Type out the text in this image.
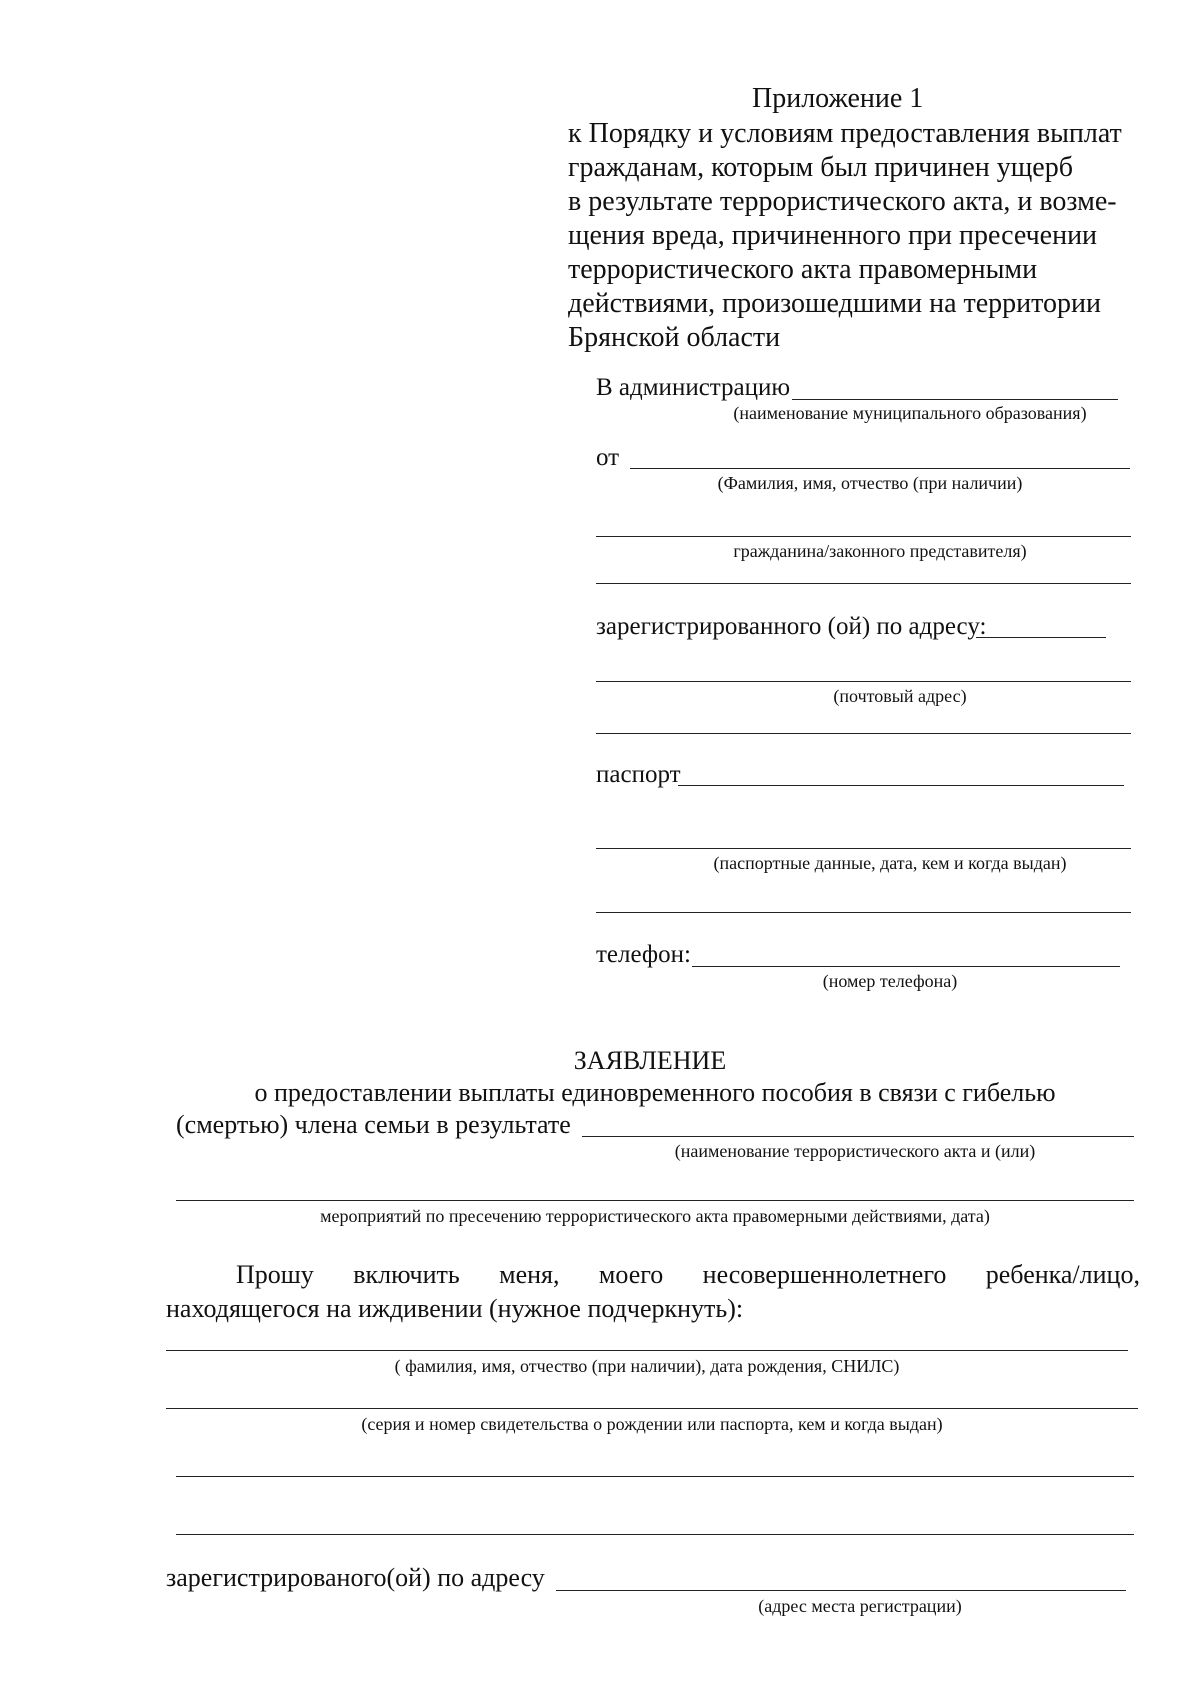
Приложение 1
к Порядку и условиям предоставления выплат
гражданам, которым был причинен ущерб
в результате террористического акта, и возме-
щения вреда, причиненного при пресечении
террористического акта правомерными
действиями, произошедшими на территории
Брянской области
В администрацию
(наименование муниципального образования)
от
(Фамилия, имя, отчество (при наличии)
гражданина/законного представителя)
зарегистрированного (ой) по адресу:
(почтовый адрес)
паспорт
(паспортные данные, дата, кем и когда выдан)
телефон:
(номер телефона)
ЗАЯВЛЕНИЕ
о предоставлении выплаты единовременного пособия в связи с гибелью
(смертью) члена семьи в результате
(наименование террористического акта и (или)
мероприятий по пресечению террористического акта правомерными действиями, дата)
Прошу включить меня, моего несовершеннолетнего ребенка/лицо,
находящегося на иждивении (нужное подчеркнуть):
( фамилия, имя, отчество (при наличии), дата рождения, СНИЛС)
(серия и номер свидетельства о рождении или паспорта, кем и когда выдан)
зарегистрированого(ой) по адресу
(адрес места регистрации)
